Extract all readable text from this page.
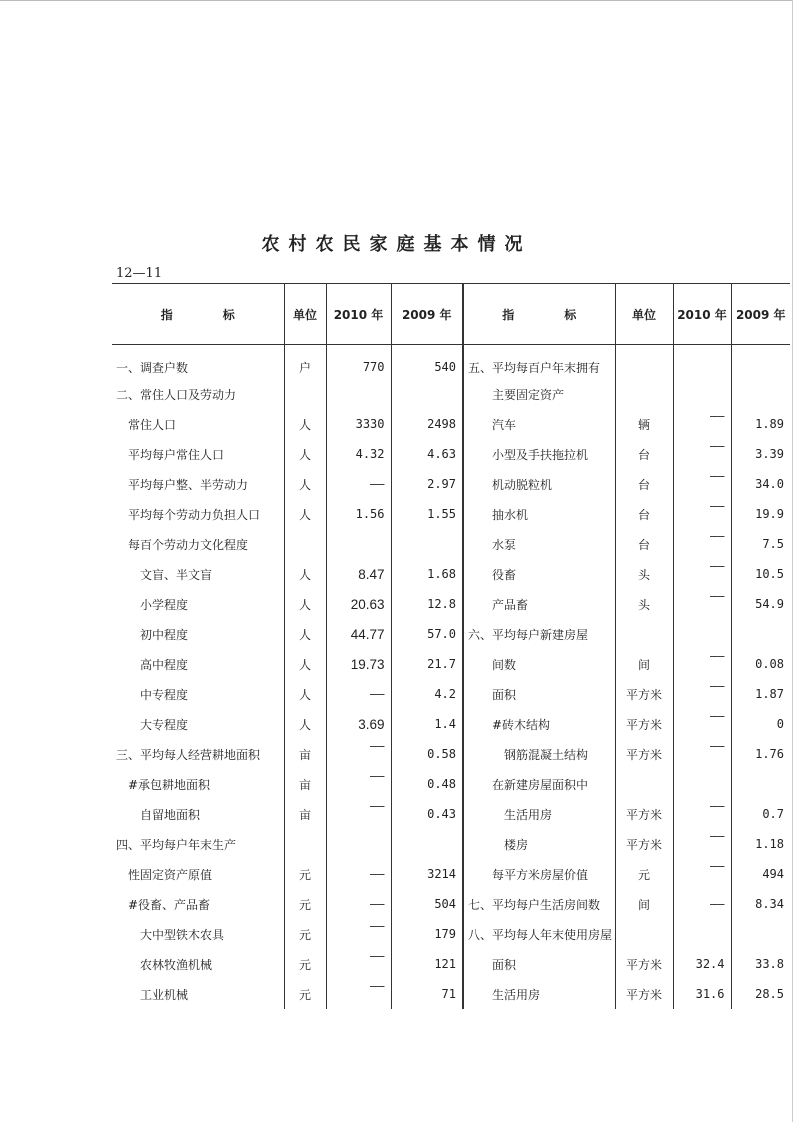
农村农民家庭基本情况
12—11
指 标	单位	2010 年	2009 年	指 标	单位	2010 年	2009 年
一、调查户数	户	770	540	五、平均每百户年末拥有			
二、常住人口及劳动力				主要固定资产			
常住人口	人	3330	2498	汽车	辆	——	1.89
平均每户常住人口	人	4.32	4.63	小型及手扶拖拉机	台	——	3.39
平均每户整、半劳动力	人	——	2.97	机动脱粒机	台	——	34.0
平均每个劳动力负担人口	人	1.56	1.55	抽水机	台	——	19.9
每百个劳动力文化程度				水泵	台	——	7.5
文盲、半文盲	人	8.47	1.68	役畜	头	——	10.5
小学程度	人	20.63	12.8	产品畜	头	——	54.9
初中程度	人	44.77	57.0	六、平均每户新建房屋			
高中程度	人	19.73	21.7	间数	间	——	0.08
中专程度	人	——	4.2	面积	平方米	——	1.87
大专程度	人	3.69	1.4	#砖木结构	平方米	——	0
三、平均每人经营耕地面积	亩	——	0.58	钢筋混凝土结构	平方米	——	1.76
#承包耕地面积	亩	——	0.48	在新建房屋面积中			
自留地面积	亩	——	0.43	生活用房	平方米	——	0.7
四、平均每户年末生产				楼房	平方米	——	1.18
性固定资产原值	元	——	3214	每平方米房屋价值	元	——	494
#役畜、产品畜	元	——	504	七、平均每户生活房间数	间	——	8.34
大中型铁木农具	元	——	179	八、平均每人年末使用房屋			
农林牧渔机械	元	——	121	面积	平方米	32.4	33.8
工业机械	元	——	71	生活用房	平方米	31.6	28.5
